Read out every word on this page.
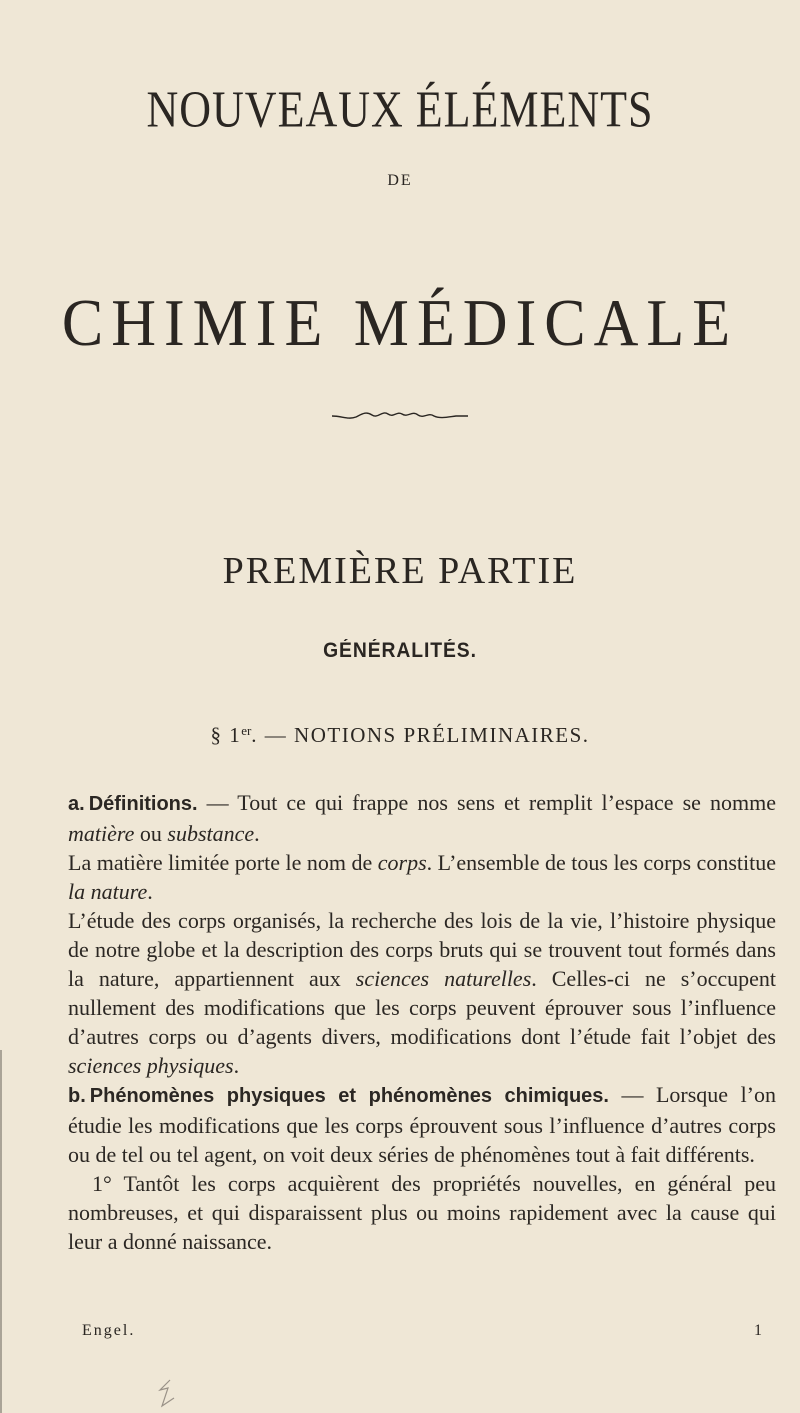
NOUVEAUX ÉLÉMENTS
DE
CHIMIE MÉDICALE
PREMIÈRE PARTIE
GÉNÉRALITÉS.
§ 1er. — NOTIONS PRÉLIMINAIRES.

a. Définitions. — Tout ce qui frappe nos sens et remplit l’espace se nomme matière ou substance.

La matière limitée porte le nom de corps. L’ensemble de tous les corps constitue la nature.

L’étude des corps organisés, la recherche des lois de la vie, l’histoire physique de notre globe et la description des corps bruts qui se trouvent tout formés dans la nature, appartiennent aux sciences naturelles. Celles-ci ne s’occupent nullement des modifications que les corps peuvent éprouver sous l’influence d’autres corps ou d’agents divers, modifications dont l’étude fait l’objet des sciences physiques.

b. Phénomènes physiques et phénomènes chimiques. — Lorsque l’on étudie les modifications que les corps éprouvent sous l’influence d’autres corps ou de tel ou tel agent, on voit deux séries de phénomènes tout à fait différents.

1° Tantôt les corps acquièrent des propriétés nouvelles, en général peu nombreuses, et qui disparaissent plus ou moins rapidement avec la cause qui leur a donné naissance.

Engel.	1
